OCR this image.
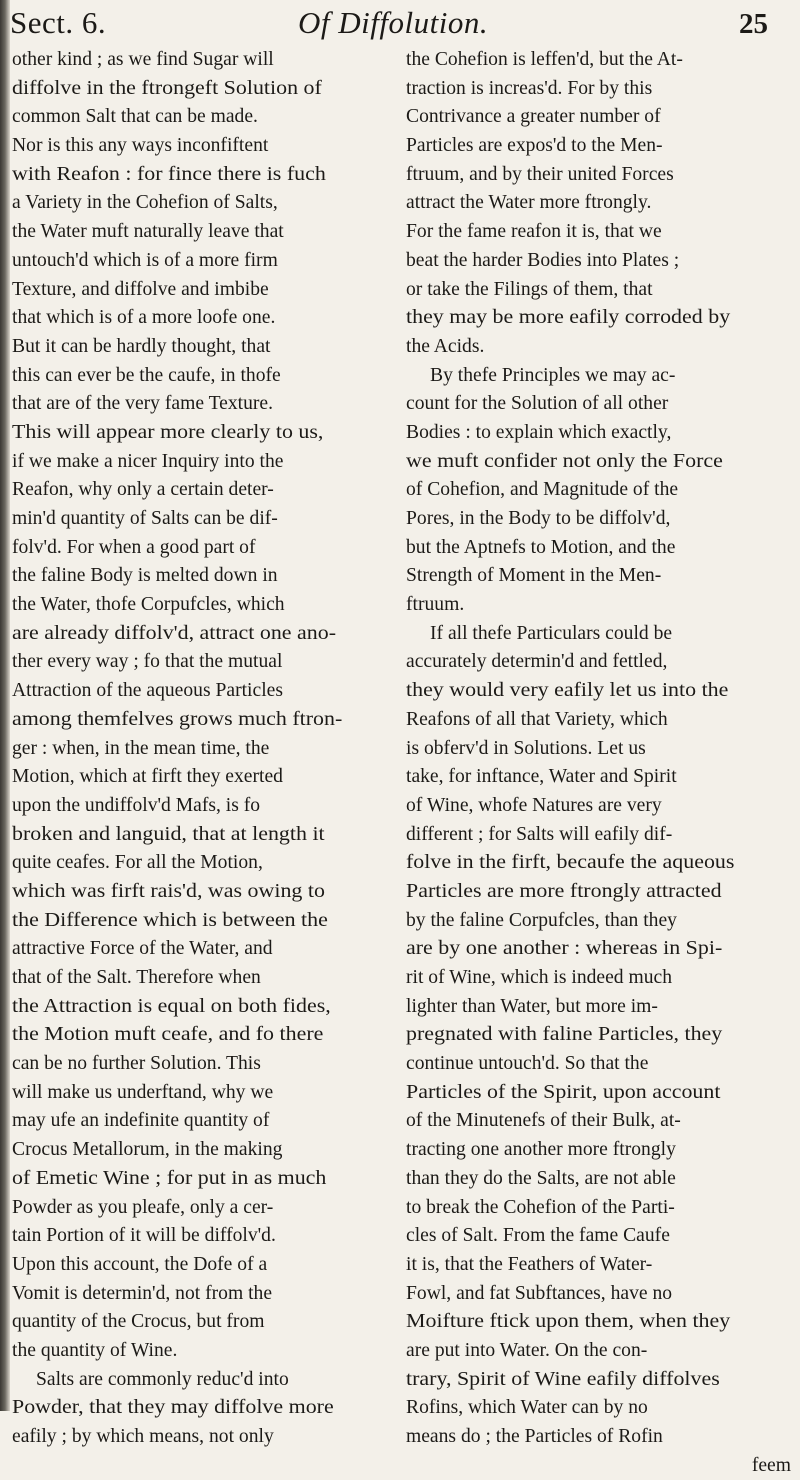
Sect. 6.	Of Diffolution.	25
other kind ; as we find Sugar will
diffolve in the ftrongeft Solution of
common Salt that can be made.
Nor is this any ways inconfiftent
with Reafon : for fince there is fuch
a Variety in the Cohefion of Salts,
the Water muft naturally leave that
untouch'd which is of a more firm
Texture, and diffolve and imbibe
that which is of a more loofe one.
But it can be hardly thought, that
this can ever be the caufe, in thofe
that are of the very fame Texture.
This will appear more clearly to us,
if we make a nicer Inquiry into the
Reafon, why only a certain deter-
min'd quantity of Salts can be dif-
folv'd. For when a good part of
the faline Body is melted down in
the Water, thofe Corpufcles, which
are already diffolv'd, attract one ano-
ther every way ; fo that the mutual
Attraction of the aqueous Particles
among themfelves grows much ftron-
ger : when, in the mean time, the
Motion, which at firft they exerted
upon the undiffolv'd Mafs, is fo
broken and languid, that at length it
quite ceafes. For all the Motion,
which was firft rais'd, was owing to
the Difference which is between the
attractive Force of the Water, and
that of the Salt. Therefore when
the Attraction is equal on both fides,
the Motion muft ceafe, and fo there
can be no further Solution. This
will make us underftand, why we
may ufe an indefinite quantity of
Crocus Metallorum, in the making
of Emetic Wine ; for put in as much
Powder as you pleafe, only a cer-
tain Portion of it will be diffolv'd.
Upon this account, the Dofe of a
Vomit is determin'd, not from the
quantity of the Crocus, but from
the quantity of Wine.
Salts are commonly reduc'd into
Powder, that they may diffolve more
eafily ; by which means, not only
the Cohefion is leffen'd, but the At-
traction is increas'd. For by this
Contrivance a greater number of
Particles are expos'd to the Men-
ftruum, and by their united Forces
attract the Water more ftrongly.
For the fame reafon it is, that we
beat the harder Bodies into Plates ;
or take the Filings of them, that
they may be more eafily corroded by
the Acids.
By thefe Principles we may ac-
count for the Solution of all other
Bodies : to explain which exactly,
we muft confider not only the Force
of Cohefion, and Magnitude of the
Pores, in the Body to be diffolv'd,
but the Aptnefs to Motion, and the
Strength of Moment in the Men-
ftruum.
If all thefe Particulars could be
accurately determin'd and fettled,
they would very eafily let us into the
Reafons of all that Variety, which
is obferv'd in Solutions. Let us
take, for inftance, Water and Spirit
of Wine, whofe Natures are very
different ; for Salts will eafily dif-
folve in the firft, becaufe the aqueous
Particles are more ftrongly attracted
by the faline Corpufcles, than they
are by one another : whereas in Spi-
rit of Wine, which is indeed much
lighter than Water, but more im-
pregnated with faline Particles, they
continue untouch'd. So that the
Particles of the Spirit, upon account
of the Minutenefs of their Bulk, at-
tracting one another more ftrongly
than they do the Salts, are not able
to break the Cohefion of the Parti-
cles of Salt. From the fame Caufe
it is, that the Feathers of Water-
Fowl, and fat Subftances, have no
Moifture ftick upon them, when they
are put into Water. On the con-
trary, Spirit of Wine eafily diffolves
Rofins, which Water can by no
means do ; the Particles of Rofin
feem
